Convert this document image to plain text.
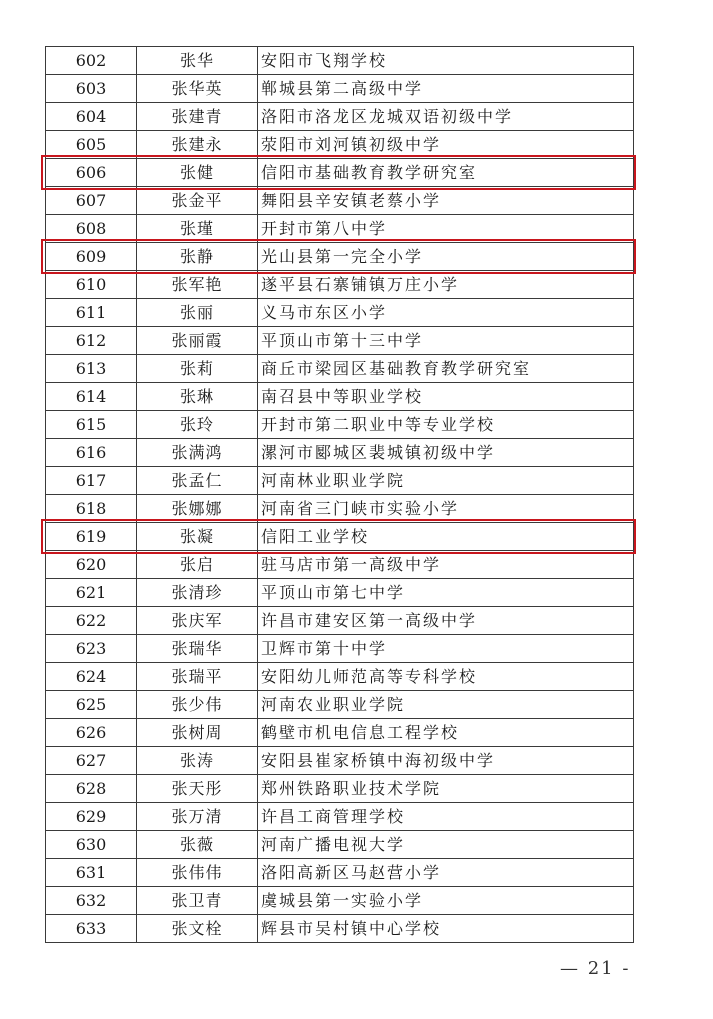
602	张华	安阳市飞翔学校
603	张华英	郸城县第二高级中学
604	张建青	洛阳市洛龙区龙城双语初级中学
605	张建永	荥阳市刘河镇初级中学
606	张健	信阳市基础教育教学研究室
607	张金平	舞阳县辛安镇老蔡小学
608	张瑾	开封市第八中学
609	张静	光山县第一完全小学
610	张军艳	遂平县石寨铺镇万庄小学
611	张丽	义马市东区小学
612	张丽霞	平顶山市第十三中学
613	张莉	商丘市梁园区基础教育教学研究室
614	张琳	南召县中等职业学校
615	张玲	开封市第二职业中等专业学校
616	张满鸿	漯河市郾城区裴城镇初级中学
617	张孟仁	河南林业职业学院
618	张娜娜	河南省三门峡市实验小学
619	张凝	信阳工业学校
620	张启	驻马店市第一高级中学
621	张清珍	平顶山市第七中学
622	张庆军	许昌市建安区第一高级中学
623	张瑞华	卫辉市第十中学
624	张瑞平	安阳幼儿师范高等专科学校
625	张少伟	河南农业职业学院
626	张树周	鹤壁市机电信息工程学校
627	张涛	安阳县崔家桥镇中海初级中学
628	张天彤	郑州铁路职业技术学院
629	张万清	许昌工商管理学校
630	张薇	河南广播电视大学
631	张伟伟	洛阳高新区马赵营小学
632	张卫青	虞城县第一实验小学
633	张文栓	辉县市吴村镇中心学校
— 21 -
